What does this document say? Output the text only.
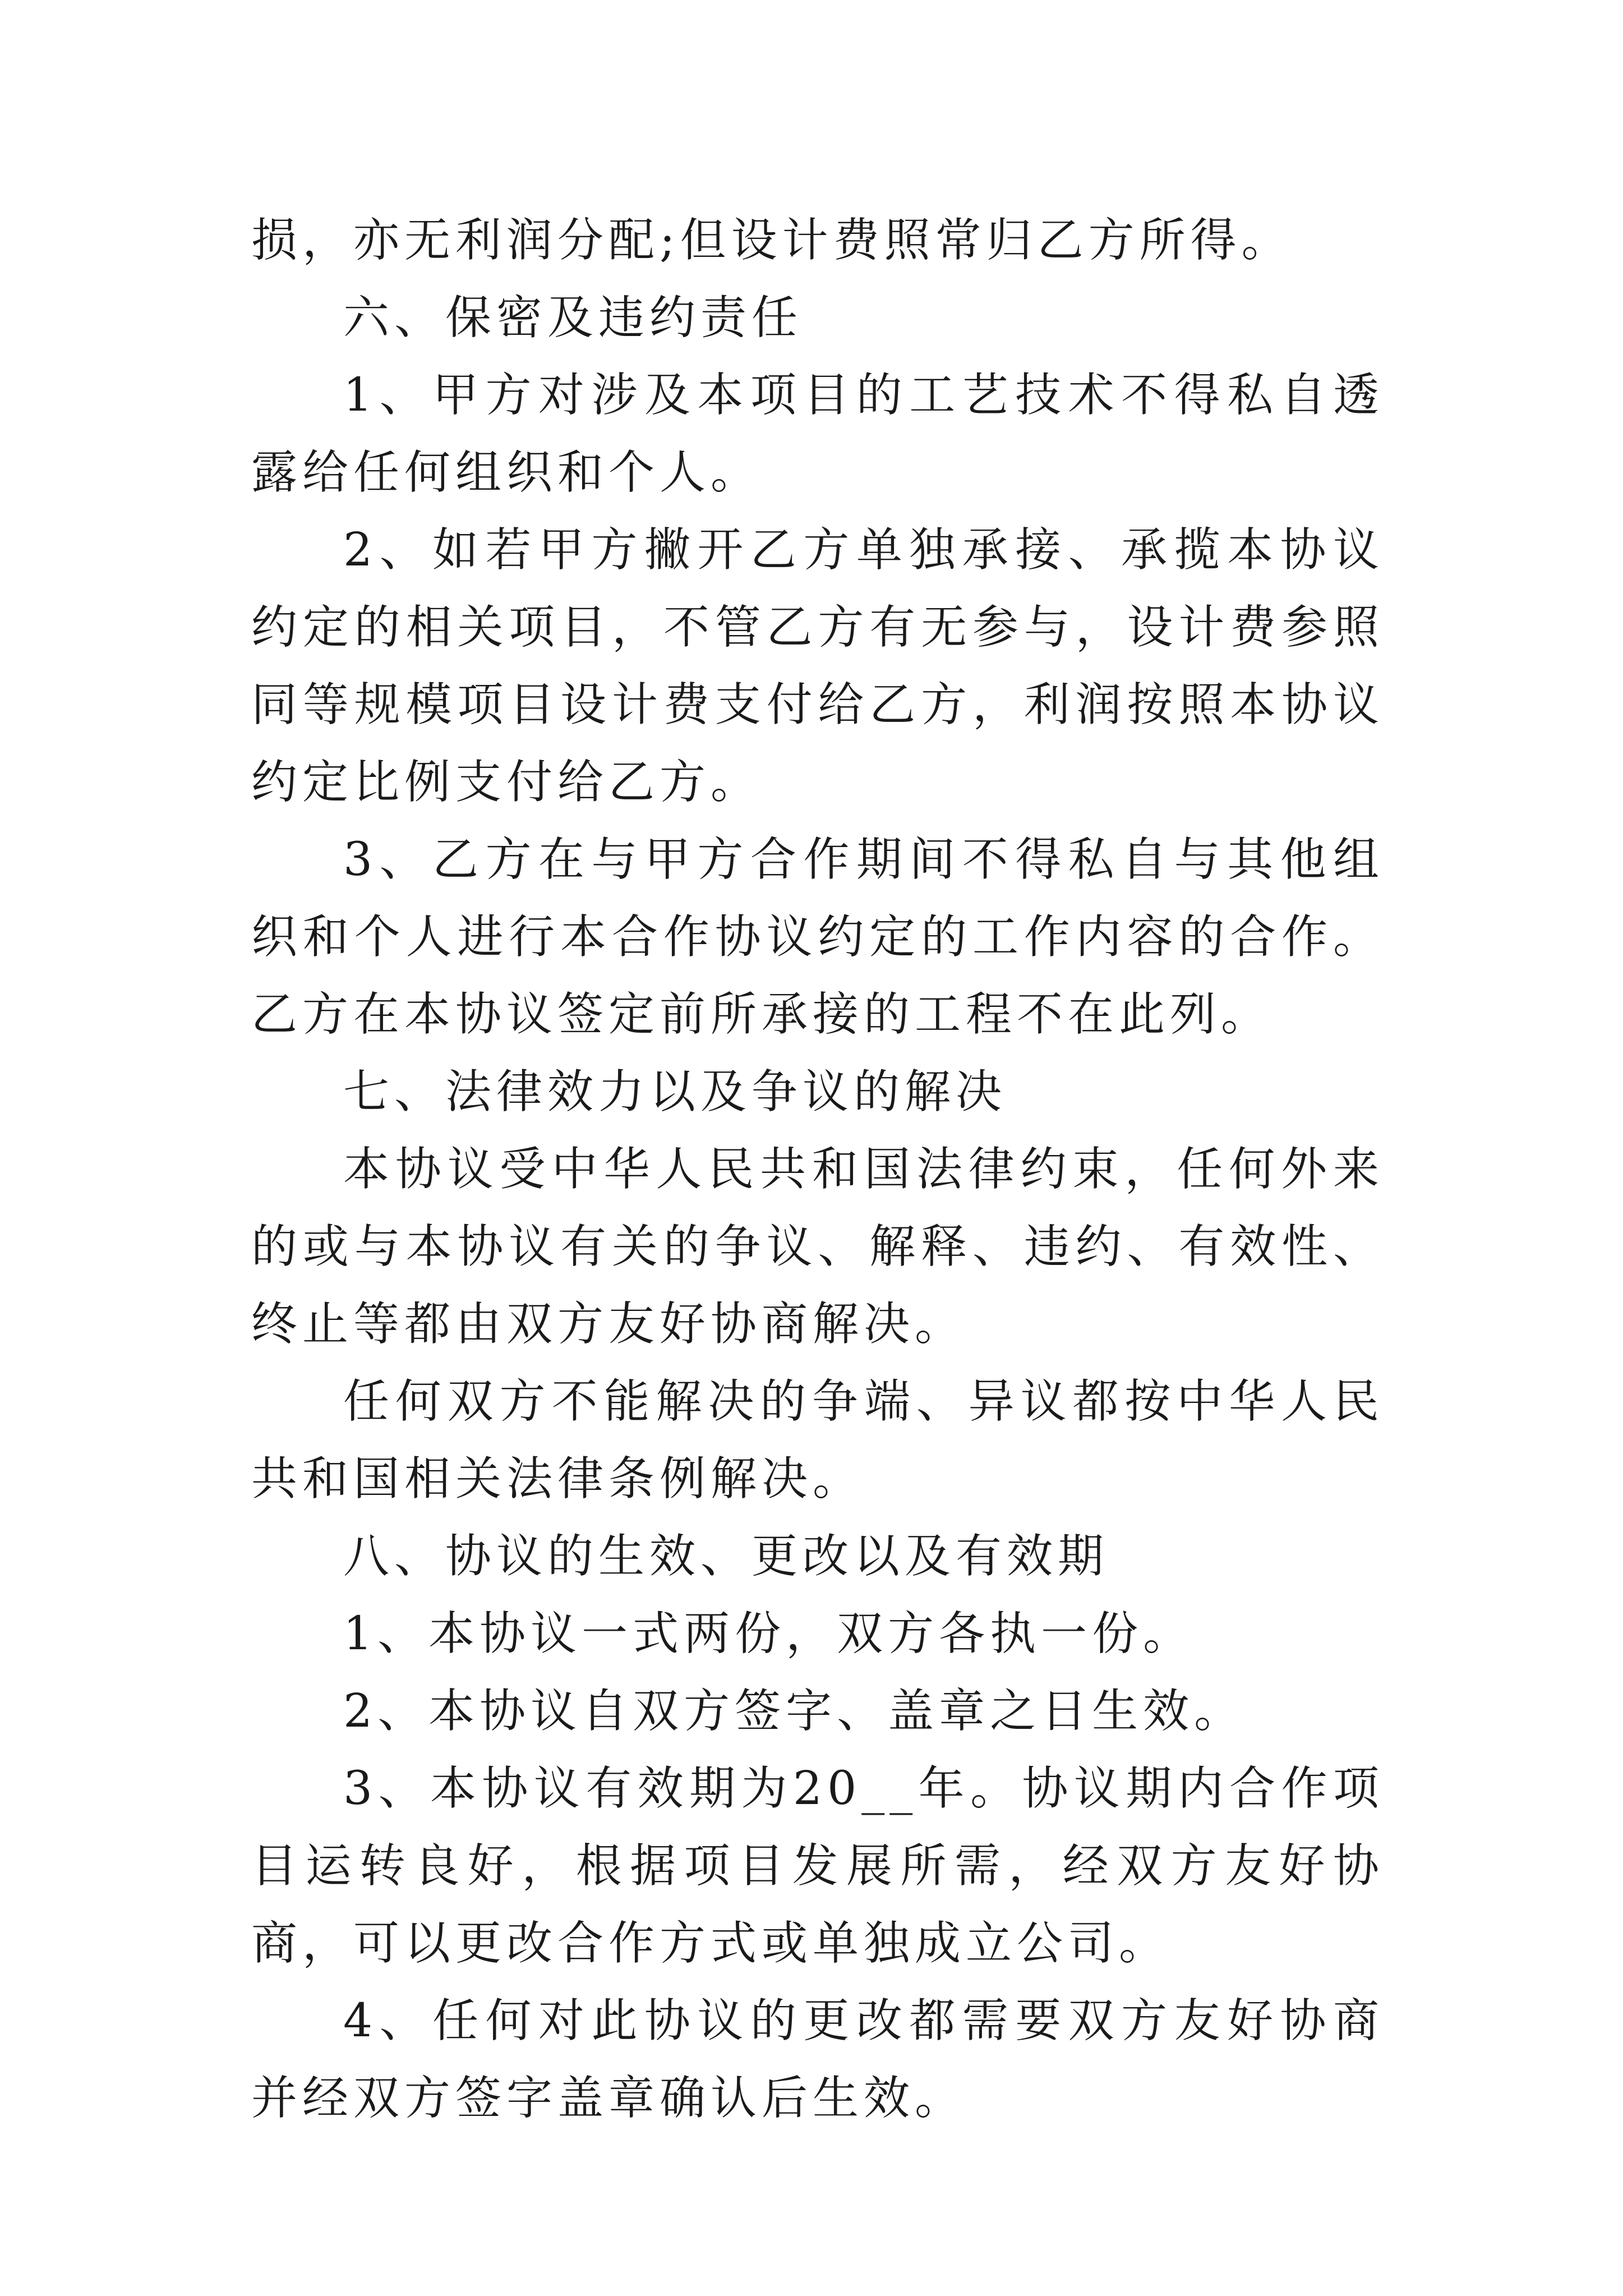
损，亦无利润分配;但设计费照常归乙方所得。

六、保密及违约责任

1、甲方对涉及本项目的工艺技术不得私自透露给任何组织和个人。

2、如若甲方撇开乙方单独承接、承揽本协议约定的相关项目，不管乙方有无参与，设计费参照同等规模项目设计费支付给乙方，利润按照本协议约定比例支付给乙方。

3、乙方在与甲方合作期间不得私自与其他组织和个人进行本合作协议约定的工作内容的合作。乙方在本协议签定前所承接的工程不在此列。

七、法律效力以及争议的解决

本协议受中华人民共和国法律约束，任何外来的或与本协议有关的争议、解释、违约、有效性、终止等都由双方友好协商解决。

任何双方不能解决的争端、异议都按中华人民共和国相关法律条例解决。

八、协议的生效、更改以及有效期

1、本协议一式两份，双方各执一份。

2、本协议自双方签字、盖章之日生效。

3、本协议有效期为20__年。协议期内合作项目运转良好，根据项目发展所需，经双方友好协商，可以更改合作方式或单独成立公司。

4、任何对此协议的更改都需要双方友好协商并经双方签字盖章确认后生效。
